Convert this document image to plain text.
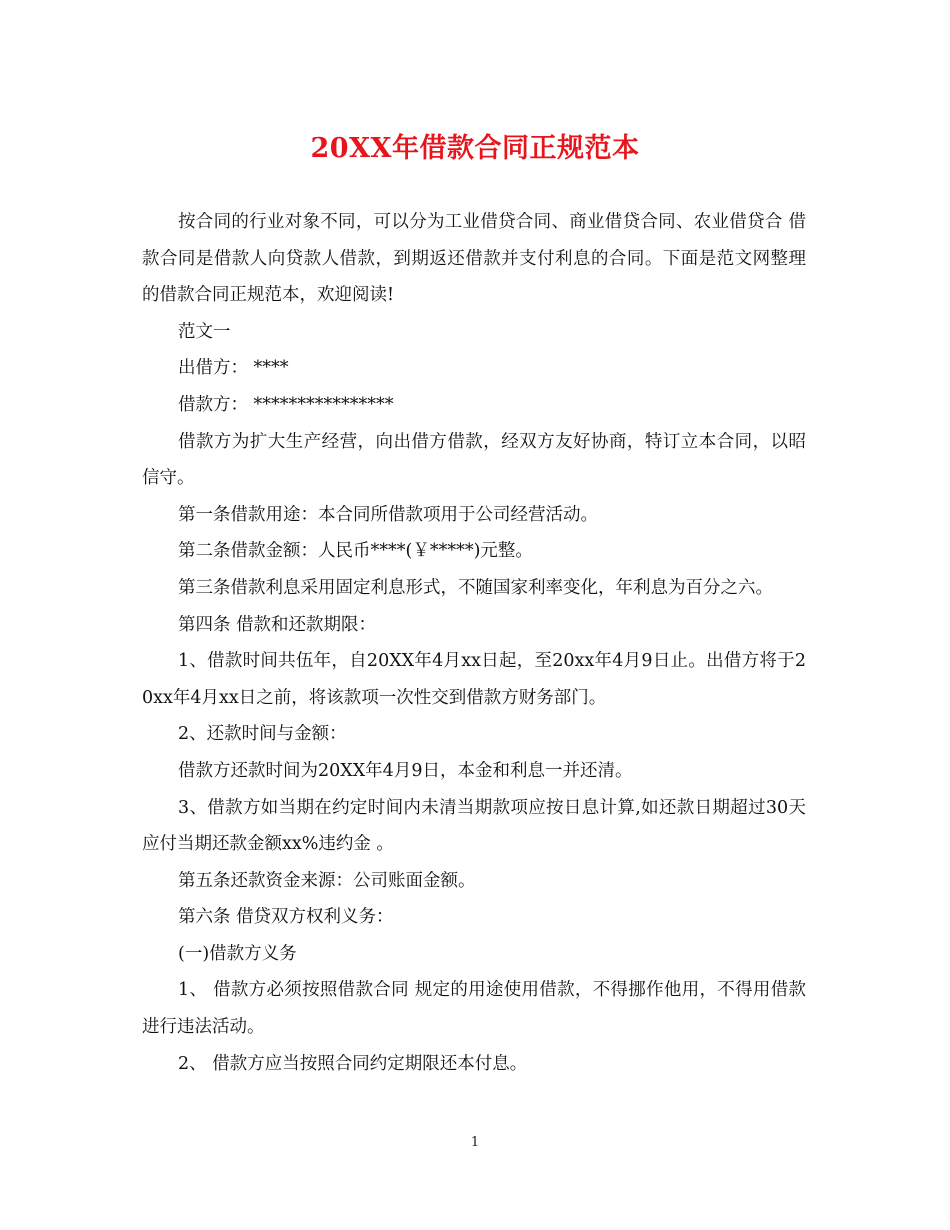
20XX年借款合同正规范本

按合同的行业对象不同，可以分为工业借贷合同、商业借贷合同、农业借贷合 借款合同是借款人向贷款人借款，到期返还借款并支付利息的合同。下面是范文网整理的借款合同正规范本，欢迎阅读!

范文一

出借方： ****

借款方： ****************

借款方为扩大生产经营，向出借方借款，经双方友好协商，特订立本合同，以昭信守。

第一条借款用途：本合同所借款项用于公司经营活动。

第二条借款金额：人民币****(￥*****)元整。

第三条借款利息采用固定利息形式，不随国家利率变化，年利息为百分之六。

第四条 借款和还款期限：

1、借款时间共伍年，自20XX年4月xx日起，至20xx年4月9日止。出借方将于20xx年4月xx日之前，将该款项一次性交到借款方财务部门。

2、还款时间与金额：

借款方还款时间为20XX年4月9日，本金和利息一并还清。

3、借款方如当期在约定时间内未清当期款项应按日息计算,如还款日期超过30天应付当期还款金额xx%违约金 。

第五条还款资金来源：公司账面金额。

第六条 借贷双方权利义务：

(一)借款方义务

1、 借款方必须按照借款合同 规定的用途使用借款，不得挪作他用，不得用借款进行违法活动。

2、 借款方应当按照合同约定期限还本付息。

1
